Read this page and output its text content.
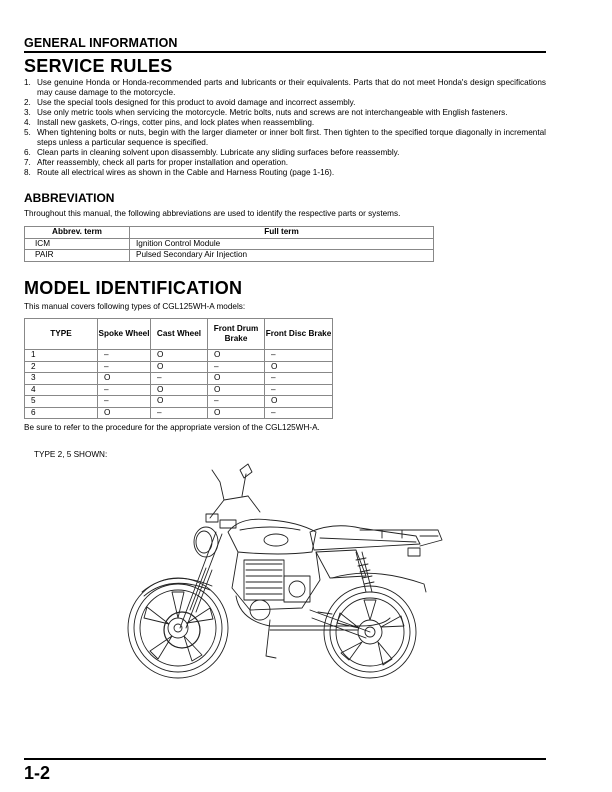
GENERAL INFORMATION
SERVICE RULES
1. Use genuine Honda or Honda-recommended parts and lubricants or their equivalents. Parts that do not meet Honda's design specifications may cause damage to the motorcycle.
2. Use the special tools designed for this product to avoid damage and incorrect assembly.
3. Use only metric tools when servicing the motorcycle. Metric bolts, nuts and screws are not interchangeable with English fasteners.
4. Install new gaskets, O-rings, cotter pins, and lock plates when reassembling.
5. When tightening bolts or nuts, begin with the larger diameter or inner bolt first. Then tighten to the specified torque diagonally in incremental steps unless a particular sequence is specified.
6. Clean parts in cleaning solvent upon disassembly. Lubricate any sliding surfaces before reassembly.
7. After reassembly, check all parts for proper installation and operation.
8. Route all electrical wires as shown in the Cable and Harness Routing (page 1-16).
ABBREVIATION
Throughout this manual, the following abbreviations are used to identify the respective parts or systems.
Abbrev. term	Full term
ICM	Ignition Control Module
PAIR	Pulsed Secondary Air Injection
MODEL IDENTIFICATION
This manual covers following types of CGL125WH-A models:
TYPE	Spoke Wheel	Cast Wheel	Front Drum Brake	Front Disc Brake
1	–	O	O	–
2	–	O	–	O
3	O	–	O	–
4	–	O	O	–
5	–	O	–	O
6	O	–	O	–
Be sure to refer to the procedure for the appropriate version of the CGL125WH-A.
TYPE 2, 5 SHOWN:
1-2
